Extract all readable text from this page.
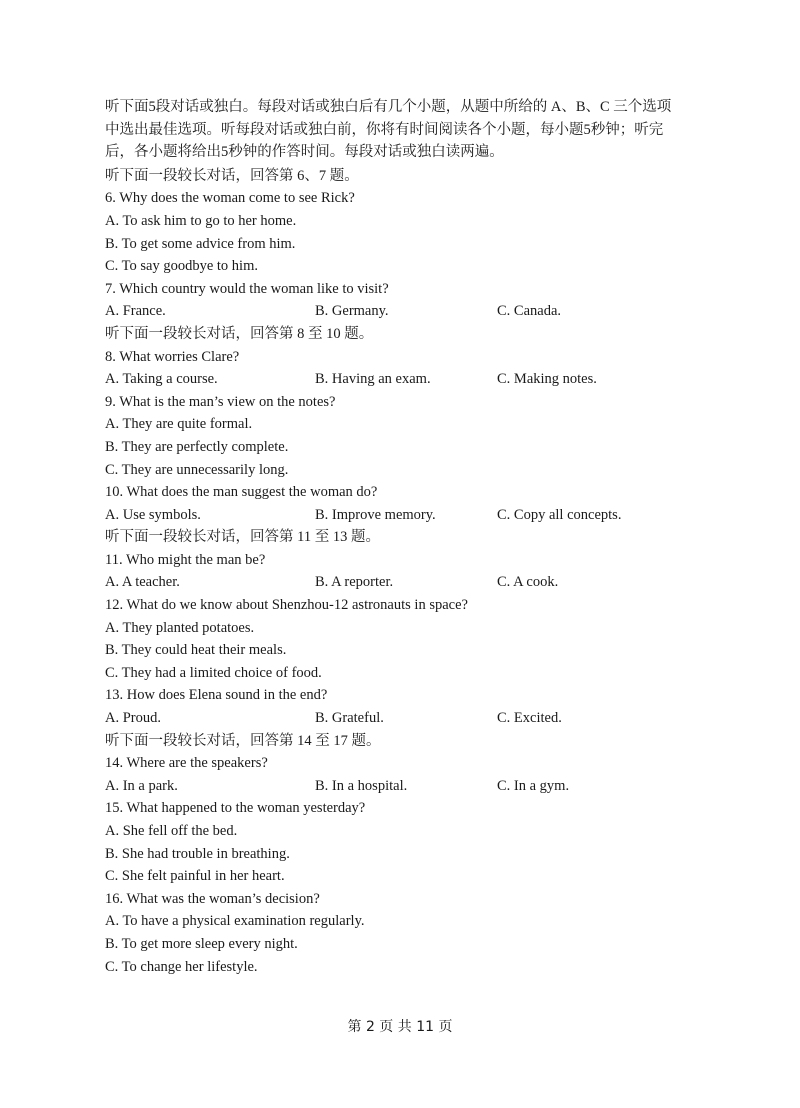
听下面5段对话或独白。每段对话或独白后有几个小题，从题中所给的 A、B、C 三个选项
中选出最佳选项。听每段对话或独白前，你将有时间阅读各个小题，每小题5秒钟；听完
后，各小题将给出5秒钟的作答时间。每段对话或独白读两遍。
听下面一段较长对话，回答第 6、7 题。
6. Why does the woman come to see Rick?
A. To ask him to go to her home.
B. To get some advice from him.
C. To say goodbye to him.
7. Which country would the woman like to visit?
A. France.	B. Germany.	C. Canada.
听下面一段较长对话，回答第 8 至 10 题。
8. What worries Clare?
A. Taking a course.	B. Having an exam.	C. Making notes.
9. What is the man’s view on the notes?
A. They are quite formal.
B. They are perfectly complete.
C. They are unnecessarily long.
10. What does the man suggest the woman do?
A. Use symbols.	B. Improve memory.	C. Copy all concepts.
听下面一段较长对话，回答第 11 至 13 题。
11. Who might the man be?
A. A teacher.	B. A reporter.	C. A cook.
12. What do we know about Shenzhou-12 astronauts in space?
A. They planted potatoes.
B. They could heat their meals.
C. They had a limited choice of food.
13. How does Elena sound in the end?
A. Proud.	B. Grateful.	C. Excited.
听下面一段较长对话，回答第 14 至 17 题。
14. Where are the speakers?
A. In a park.	B. In a hospital.	C. In a gym.
15. What happened to the woman yesterday?
A. She fell off the bed.
B. She had trouble in breathing.
C. She felt painful in her heart.
16. What was the woman’s decision?
A. To have a physical examination regularly.
B. To get more sleep every night.
C. To change her lifestyle.
第 2 页 共 11 页
